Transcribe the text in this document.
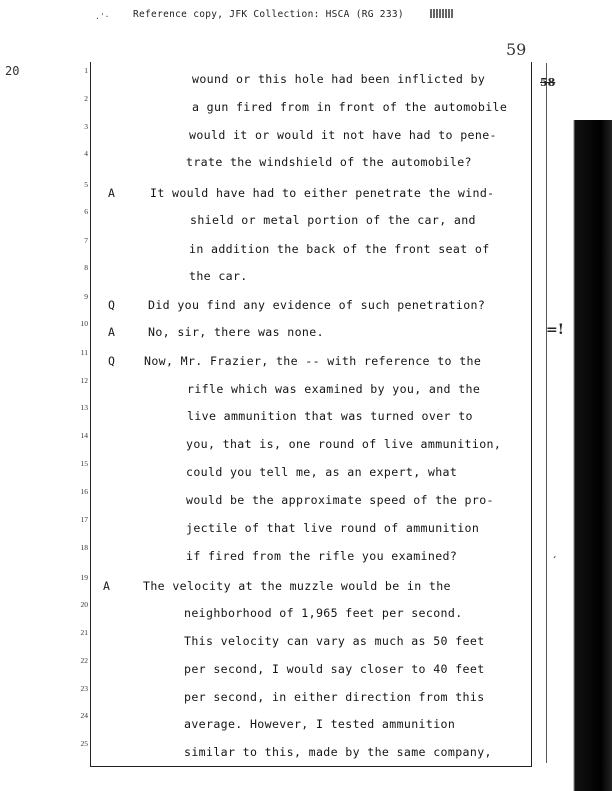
.'· Reference copy, JFK Collection: HSCA (RG 233)
20
59
58
=!
´
1
wound or this hole had been inflicted by
2
a gun fired from in front of the automobile
3
would it or would it not have had to pene-
4
trate the windshield of the automobile?
5
A	It would have had to either penetrate the wind-
6
shield or metal portion of the car, and
7
in addition the back of the front seat of
8
the car.
9
Q	Did you find any evidence of such penetration?
10
A	No, sir, there was none.
11
Q	Now, Mr. Frazier, the -- with reference to the
12
rifle which was examined by you, and the
13
live ammunition that was turned over to
14
you, that is, one round of live ammunition,
15
could you tell me, as an expert, what
16
would be the approximate speed of the pro-
17
jectile of that live round of ammunition
18
if fired from the rifle you examined?
19
A	The velocity at the muzzle would be in the
20
neighborhood of 1,965 feet per second.
21
This velocity can vary as much as 50 feet
22
per second, I would say closer to 40 feet
23
per second, in either direction from this
24
average. However, I tested ammunition
25
similar to this, made by the same company,
